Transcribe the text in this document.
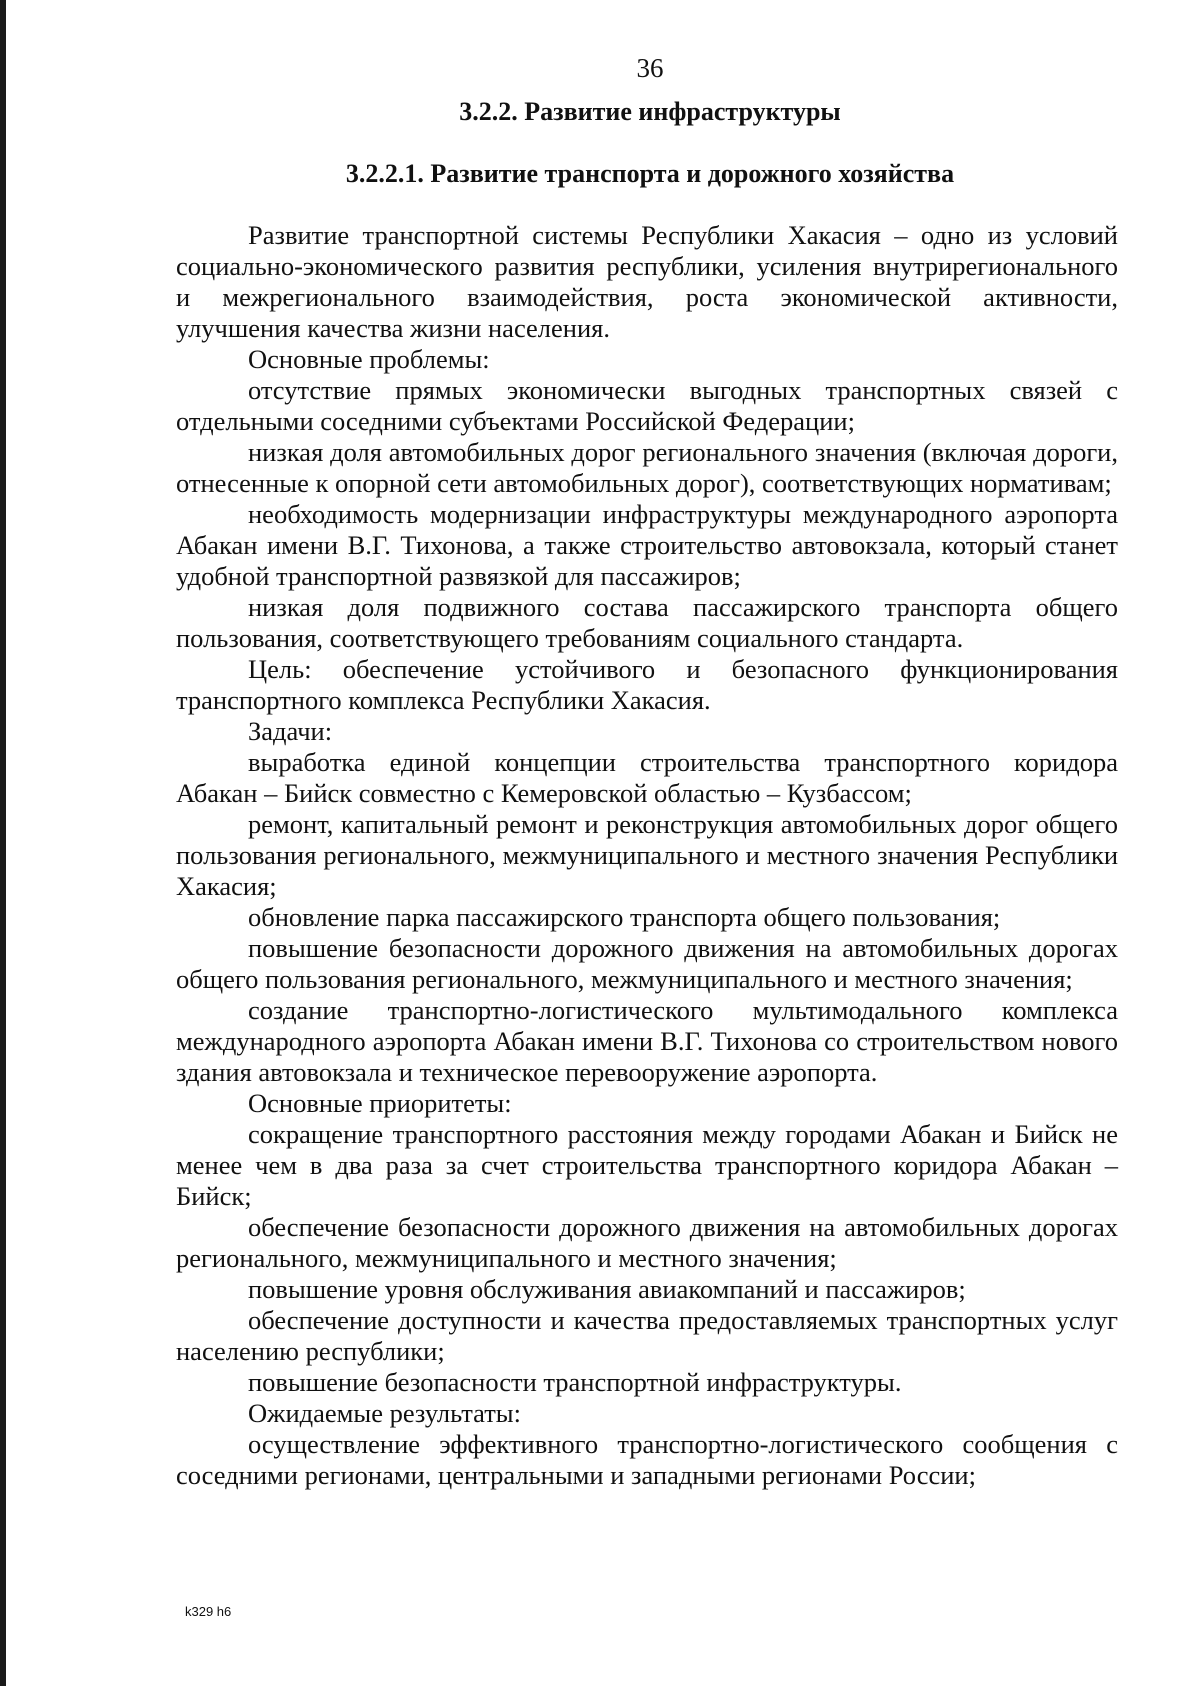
36
3.2.2. Развитие инфраструктуры
3.2.2.1. Развитие транспорта и дорожного хозяйства

Развитие транспортной системы Республики Хакасия – одно из условий социально-экономического развития республики, усиления внутрирегионального и межрегионального взаимодействия, роста экономической активности, улучшения качества жизни населения.

Основные проблемы:

отсутствие прямых экономически выгодных транспортных связей с отдельными соседними субъектами Российской Федерации;

низкая доля автомобильных дорог регионального значения (включая дороги, отнесенные к опорной сети автомобильных дорог), соответствующих нормативам;

необходимость модернизации инфраструктуры международного аэропорта Абакан имени В.Г. Тихонова, а также строительство автовокзала, который станет удобной транспортной развязкой для пассажиров;

низкая доля подвижного состава пассажирского транспорта общего пользования, соответствующего требованиям социального стандарта.

Цель: обеспечение устойчивого и безопасного функционирования транспортного комплекса Республики Хакасия.

Задачи:

выработка единой концепции строительства транспортного коридора Абакан – Бийск совместно с Кемеровской областью – Кузбассом;

ремонт, капитальный ремонт и реконструкция автомобильных дорог общего пользования регионального, межмуниципального и местного значения Республики Хакасия;

обновление парка пассажирского транспорта общего пользования;

повышение безопасности дорожного движения на автомобильных дорогах общего пользования регионального, межмуниципального и местного значения;

создание транспортно-логистического мультимодального комплекса международного аэропорта Абакан имени В.Г. Тихонова со строительством нового здания автовокзала и техническое перевооружение аэропорта.

Основные приоритеты:

сокращение транспортного расстояния между городами Абакан и Бийск не менее чем в два раза за счет строительства транспортного коридора Абакан – Бийск;

обеспечение безопасности дорожного движения на автомобильных дорогах регионального, межмуниципального и местного значения;

повышение уровня обслуживания авиакомпаний и пассажиров;

обеспечение доступности и качества предоставляемых транспортных услуг населению республики;

повышение безопасности транспортной инфраструктуры.

Ожидаемые результаты:

осуществление эффективного транспортно-логистического сообщения с соседними регионами, центральными и западными регионами России;

k329 h6
